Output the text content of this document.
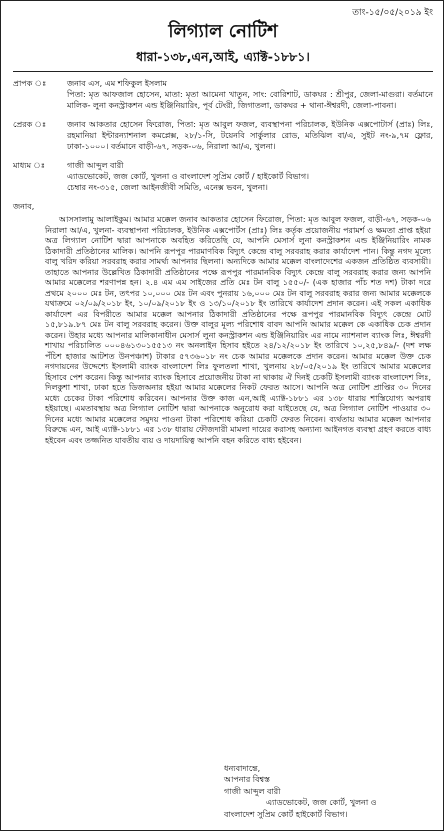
তাং-১৫/০৫/২০১৯ ইং
লিগ্যাল নোটিশ
ধারা-১৩৮,এন,আই, এ্যাক্ট-১৮৮১।
প্রাপক ঃ	জনাব এস, এম শফিকুল ইসলাম
পিতা: মৃত আফজাল হোসেন, মাতা: মৃতা আমেনা খাতুন, সাং: বোরিশাট, ডাকঘর : শ্রীপুর, জেলা-মাগুরা। বর্তমানে মালিক- লুনা কনস্ট্রাকশন এন্ড ইঞ্জিনিয়ারিং, পূর্ব টেংরী, জিগাতলা, ডাকঘর + থানা-ঈশ্বরদী, জেলা-পাবনা।
প্রেরক ঃ	জনাব আকতার হোসেন ফিরোজ, পিতা: মৃত আবুল ফজল, ব্যবস্থাপনা পরিচালক, ইউনিক এক্সপোটার্স (প্রাঃ) লিঃ, রহমানিয়া ইন্টারন্যাশনাল কমপ্লেক্স, ২৮/১-সি, টয়েনবি সার্কুলার রোড, মতিঝিল বা/এ, সুইট নং-৯,৭ম ফ্লোর, ঢাকা-১০০০। বর্তমানে বাড়ী-৬৭, সড়ক-০৬, নিরালা আ/এ, খুলনা।
মাধ্যম ঃ	গাজী আব্দুল বারী
এ্যাডভোকেট, জজ কোর্ট, খুলনা ও বাংলাদেশ সুপ্রিম কোর্ট / হাইকোর্ট বিভাগ।
চেম্বার নং-৩১৫, জেলা আইনজীবী সমিতি, এনেক্স ভবন, খুলনা।
জনাব,

আসসালামু আলাইকুম। আমার মক্কেল জনাব আকতার হোসেন ফিরোজ, পিতা: মৃত আবুল ফজল, বাড়ী-৬৭, সড়ক-০৬ নিরালা আ/এ, খুলনা- ব্যবস্থাপনা পরিচালক, ইউনিক এক্সপোর্টস (প্রাঃ) লিঃ কর্তৃক প্রয়োজনীয় পরামর্শ ও ক্ষমতা প্রাপ্ত হইয়া অত্র লিগ্যাল নোটিশ দ্বারা আপনাকে অবহিত করিতেছি যে, আপনি মেসার্স লুনা কনস্ট্রাকশন এন্ড ইঞ্জিনিয়ারিং নামক ঠিকাদারী প্রতিষ্ঠানের মালিক। আপনি রূপপুর পারমাণবিক বিদ্যুৎ কেন্দ্রে বালু সরবরাহ করার কার্যাদেশ পান। কিন্তু নগদ মূল্যে বালু খরিদ করিয়া সরবরাহ করার সামর্থ্য আপনার ছিলনা। অন্যদিকে আমার মক্কেল বাংলাদেশের একজন প্রতিষ্ঠিত ব্যবসায়ী। তাহাতে আপনার উল্লেখিত ঠিকাদারী প্রতিষ্ঠানের পক্ষে রূপপুর পারমানবিক বিদ্যুৎ কেন্দ্রে বালু সরবরাহ করার জন্য আপনি আমার মক্কেলের শরণাপন্ন হন। ২.৪ এম এম সাইজের প্রতি মেঃ টন বালু ১৫৫০/- (এক হাজার পাঁচ শত দশ) টাকা দরে প্রথমে ২০০০ মেঃ টন, তৎপর ১০,০০০ মেঃ টন এবং পুনরায় ১৬,০০০ মেঃ টন বালু সরবরাহ করার জন্য আমার মক্কেলকে যথাক্রমে ০২/০৯/২০১৮ ইং, ১০/০৯/২০১৮ ইং ও ১৩/১০/২০১৮ ইং তারিখে কার্যাদেশ প্রদান করেন। এই সকল একাধিক কার্যাদেশ এর বিপরীতে আমার মক্কেল আপনার ঠিকাদারী প্রতিষ্ঠানের পক্ষে রূপপুর পারমানবিক বিদ্যুৎ কেন্দ্রে মোট ১৫,৮১৯.৮৭ মেঃ টন বালু সরবরাহ করেন। উক্ত বালুর মূল্য পরিশোধ বাবদ আপনি আমার মক্কেল কে একাধিক চেক প্রদান করেন। উহার মধ্যে আপনার মালিকানাধীন মেসার্স লুনা কনস্ট্রাকশন এন্ড ইঞ্জিনিয়ারিং এর নামে ন্যাশনাল ব্যাংক লিঃ, ঈশ্বরদী শাখায় পরিচালিত ০০০৪৬১৩০১৫৫১৩ নং অনলাইন হিসাব হইতে ২৪/১২/২০১৮ ইং তারিখে ১০,২৫,৮৪৯/- (দশ লক্ষ পঁচিশ হাজার আটশত উনপঞ্চাশ) টাকার ৫৭৩৬০১৮ নং চেক আমার মক্কেলকে প্রদান করেন। আমার মক্কেল উক্ত চেক নগদায়নের উদ্দেশ্যে ইসলামী ব্যাংক বাংলাদেশ লিঃ ফুলতলা শাখা, খুলনায় ২৮/০৫/২০১৯ ইং তারিখে আমার মক্কেলের হিসাবে পেশ করেন। কিন্তু আপনার ব্যাংক হিসাবে প্রয়োজনীয় টাকা না থাকায় ঐ দিনই চেকটি ইসলামী ব্যাংক বাংলাদেশ লিঃ, দিলকুশা শাখা, ঢাকা হতে ডিজঅনার হইয়া আমার মক্কেলের নিকট ফেরত আসে। আপনি অত্র নোটিশ প্রাপ্তির ৩০ দিনের মধ্যে চেকের টাকা পরিশোধ করিবেন। আপনার উক্ত কাজ এন,আই এ্যাক্ট-১৮৮১ এর ১৩৮ ধারায় শাস্তিযোগ্য অপরাধ হইয়াছে। এমতাবস্থায় অত্র লিগ্যাল নোটিশ দ্বারা আপনাকে অনুরোধ করা যাইতেছে যে, অত্র লিগ্যাল নোটিশ পাওয়ার ৩০ দিনের মধ্যে আমার মক্কেলের সমুদয় পাওনা টাকা পরিশোধ করিয়া চেকটি ফেরত নিবেন। ব্যর্থতায় আমার মক্কেল আপনার বিরুদ্ধে এন, আই এ্যাক্ট-১৮৮১ এর ১৩৮ ধারায় ফৌজদারী মামলা দায়ের করাসহ অন্যান্য আইনগত ব্যবস্থা গ্রহণ করতে বাধ্য হইবেন এবং তজ্জনিত যাবতীয় ব্যয় ও দায়দায়িত্ব আপনি বহন করিতে বাধ্য হইবেন।

ধন্যবাদান্তে,
আপনার বিশ্বস্ত
গাজী আব্দুল বারী
এ্যাডভোকেট, জজ কোর্ট, খুলনা ও
বাংলাদেশ সুপ্রিম কোর্ট হাইকোর্ট বিভাগ।
